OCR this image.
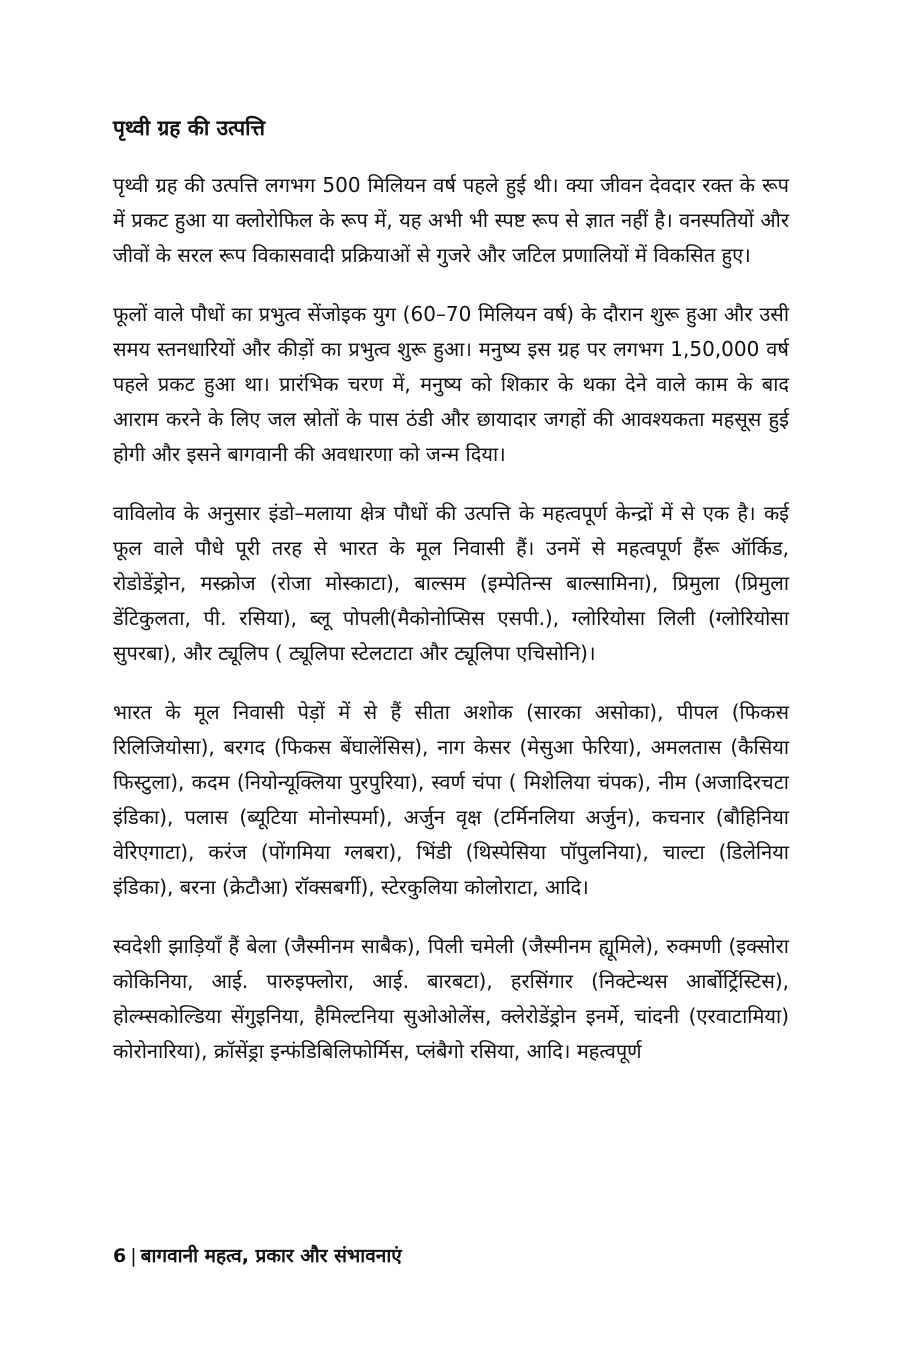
पृथ्वी ग्रह की उत्पत्ति

पृथ्वी ग्रह की उत्पत्ति लगभग 500 मिलियन वर्ष पहले हुई थी। क्या जीवन देवदार रक्त के रूप में प्रकट हुआ या क्लोरोफिल के रूप में, यह अभी भी स्पष्ट रूप से ज्ञात नहीं है। वनस्पतियों और जीवों के सरल रूप विकासवादी प्रक्रियाओं से गुजरे और जटिल प्रणालियों में विकसित हुए।

फूलों वाले पौधों का प्रभुत्व सेंजोइक युग (60–70 मिलियन वर्ष) के दौरान शुरू हुआ और उसी समय स्तनधारियों और कीड़ों का प्रभुत्व शुरू हुआ। मनुष्य इस ग्रह पर लगभग 1,50,000 वर्ष पहले प्रकट हुआ था। प्रारंभिक चरण में, मनुष्य को शिकार के थका देने वाले काम के बाद आराम करने के लिए जल स्रोतों के पास ठंडी और छायादार जगहों की आवश्यकता महसूस हुई होगी और इसने बागवानी की अवधारणा को जन्म दिया।

वाविलोव के अनुसार इंडो–मलाया क्षेत्र पौधों की उत्पत्ति के महत्वपूर्ण केन्द्रों में से एक है। कई फूल वाले पौधे पूरी तरह से भारत के मूल निवासी हैं। उनमें से महत्वपूर्ण हैंरू ऑर्किड, रोडोडेंड्रोन, मस्क्रोज (रोजा मोस्काटा), बाल्सम (इम्पेतिन्स बाल्सामिना), प्रिमुला (प्रिमुला डेंटिकुलता, पी. रसिया), ब्लू पोपली(मैकोनोप्सिस एसपी.), ग्लोरियोसा लिली (ग्लोरियोसा सुपरबा), और ट्यूलिप ( ट्यूलिपा स्टेलटाटा और ट्यूलिपा एचिसोनि)।

भारत के मूल निवासी पेड़ों में से हैं सीता अशोक (सारका असोका), पीपल (फिकस रिलिजियोसा), बरगद (फिकस बेंघालेंसिस), नाग केसर (मेसुआ फेरिया), अमलतास (कैसिया फिस्टुला), कदम (नियोन्यूक्लिया पुरपुरिया), स्वर्ण चंपा ( मिशेलिया चंपक), नीम (अजादिरचटा इंडिका), पलास (ब्यूटिया मोनोस्पर्मा), अर्जुन वृक्ष (टर्मिनलिया अर्जुन), कचनार (बौहिनिया वेरिएगाटा), करंज (पोंगमिया ग्लबरा), भिंडी (थिस्पेसिया पॉपुलनिया), चाल्टा (डिलेनिया इंडिका), बरना (क्रेटौआ) रॉक्सबर्गी), स्टेरकुलिया कोलोराटा, आदि।

स्वदेशी झाड़ियाँ हैं बेला (जैस्मीनम साबैक), पिली चमेली (जैस्मीनम ह्यूमिले), रुक्मणी (इक्सोरा कोकिनिया, आई. पारुइफ्लोरा, आई. बारबटा), हरसिंगार (निक्टेन्थस आर्बोर्ट्रिस्टिस), होल्म्सकोल्डिया सेंगुइनिया, हैमिल्टनिया सुओओलेंस, क्लेरोडेंड्रोन इनर्मे, चांदनी (एरवाटामिया) कोरोनारिया), क्रॉसेंड्रा इन्फंडिबिलिफोर्मिस, प्लंबैगो रसिया, आदि। महत्वपूर्ण

6 | बागवानी महत्व, प्रकार और संभावनाएं
